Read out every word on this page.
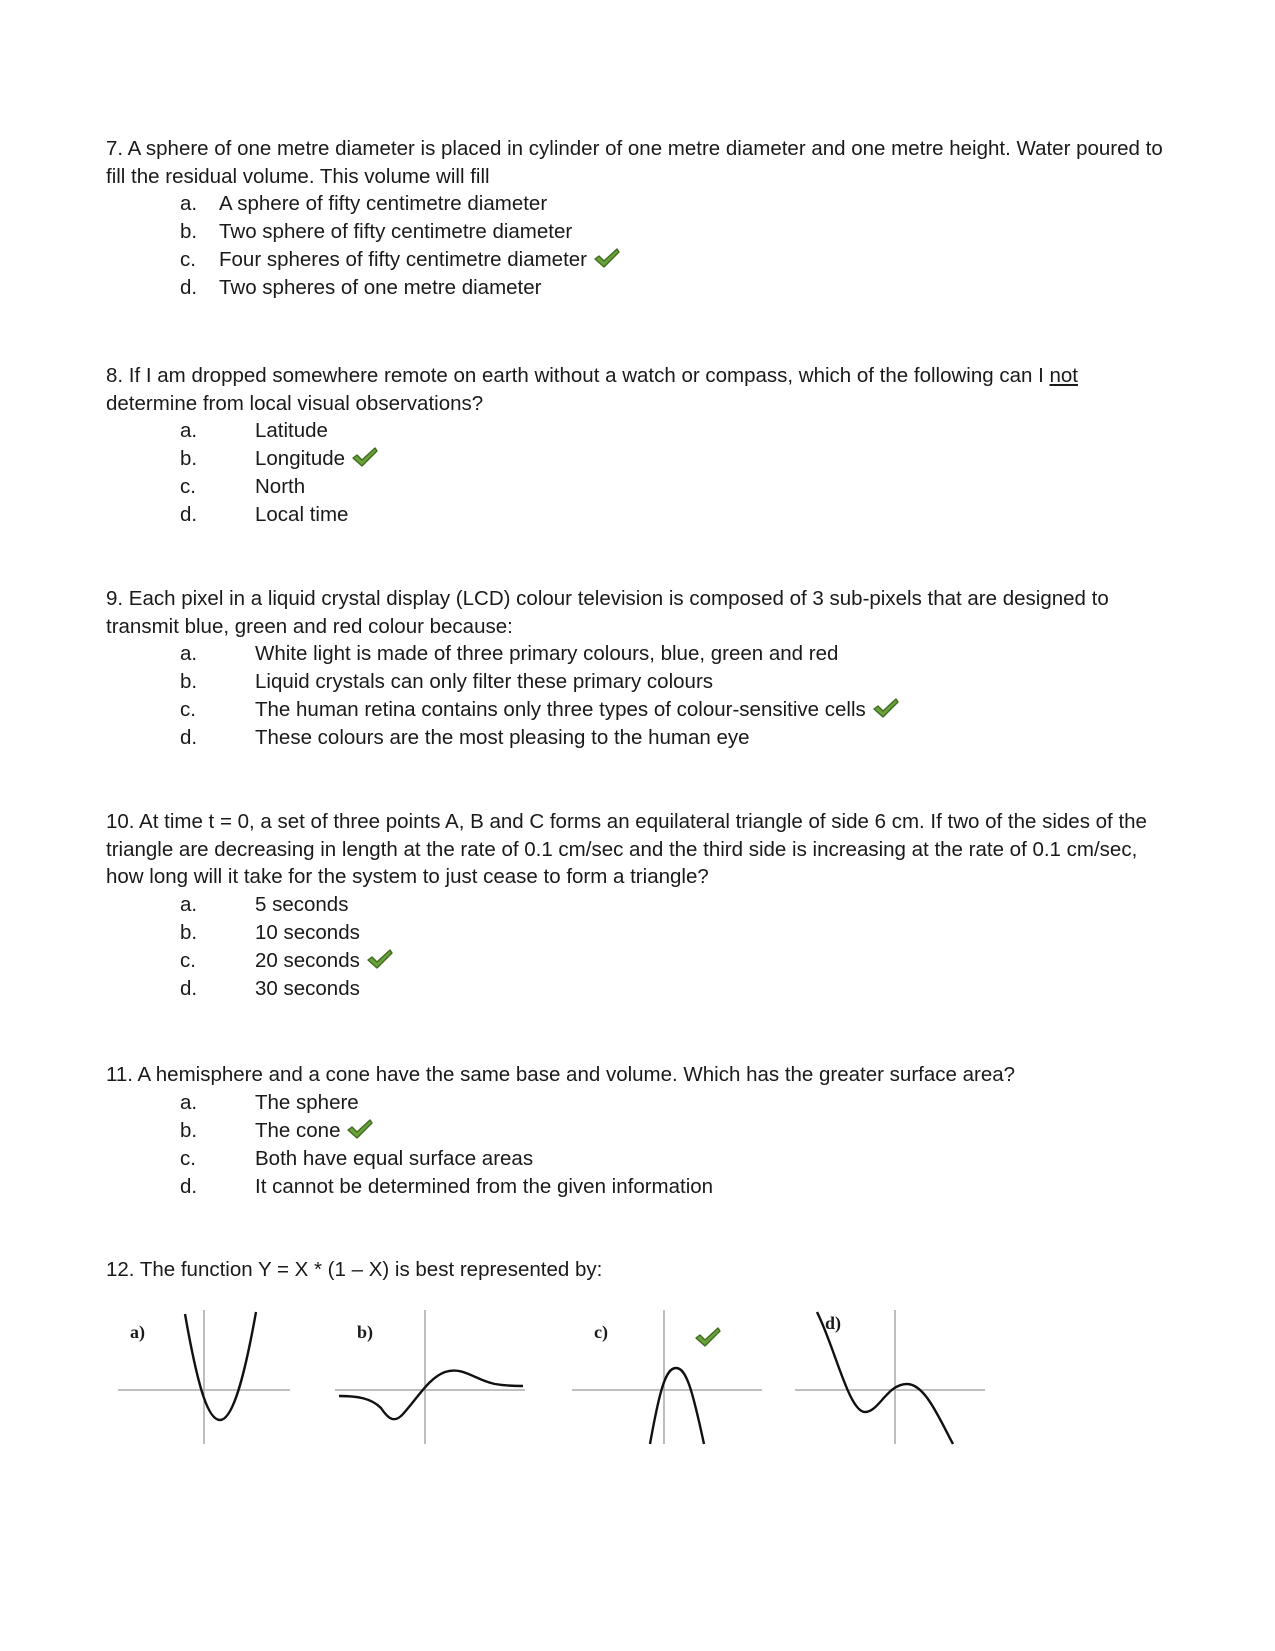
7. A sphere of one metre diameter is placed in cylinder of one metre diameter and one metre height. Water poured to fill the residual volume. This volume will fill

a. A sphere of fifty centimetre diameter
b. Two sphere of fifty centimetre diameter
c. Four spheres of fifty centimetre diameter
d. Two spheres of one metre diameter

8. If I am dropped somewhere remote on earth without a watch or compass, which of the following can I not determine from local visual observations?

a.	Latitude
b.	Longitude
c.	North
d.	Local time

9. Each pixel in a liquid crystal display (LCD) colour television is composed of 3 sub-pixels that are designed to transmit blue, green and red colour because:

a.	White light is made of three primary colours, blue, green and red
b.	Liquid crystals can only filter these primary colours
c.	The human retina contains only three types of colour-sensitive cells
d.	These colours are the most pleasing to the human eye

10. At time t = 0, a set of three points A, B and C forms an equilateral triangle of side 6 cm. If two of the sides of the triangle are decreasing in length at the rate of 0.1 cm/sec and the third side is increasing at the rate of 0.1 cm/sec, how long will it take for the system to just cease to form a triangle?

a.	5 seconds
b.	10 seconds
c.	20 seconds
d.	30 seconds

11. A hemisphere and a cone have the same base and volume. Which has the greater surface area?

a.	The sphere
b.	The cone
c.	Both have equal surface areas
d.	It cannot be determined from the given information

12. The function Y = X * (1 – X) is best represented by:

a)	b)	c)	d)
